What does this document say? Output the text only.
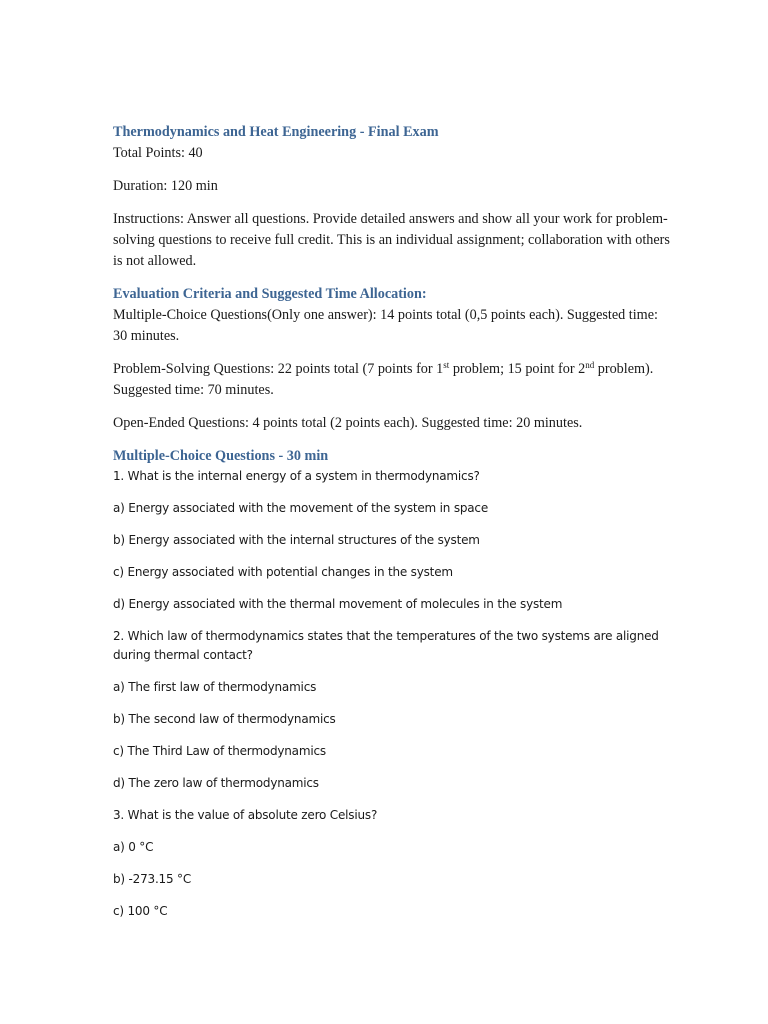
Thermodynamics and Heat Engineering - Final Exam

Total Points: 40

Duration: 120 min

Instructions: Answer all questions. Provide detailed answers and show all your work for problem-solving questions to receive full credit. This is an individual assignment; collaboration with others is not allowed.

Evaluation Criteria and Suggested Time Allocation:

Multiple-Choice Questions(Only one answer): 14 points total (0,5 points each). Suggested time: 30 minutes.

Problem-Solving Questions: 22 points total (7 points for 1st problem; 15 point for 2nd problem). Suggested time: 70 minutes.

Open-Ended Questions: 4 points total (2 points each). Suggested time: 20 minutes.

Multiple-Choice Questions - 30 min

1. What is the internal energy of a system in thermodynamics?

a) Energy associated with the movement of the system in space

b) Energy associated with the internal structures of the system

c) Energy associated with potential changes in the system

d) Energy associated with the thermal movement of molecules in the system

2. Which law of thermodynamics states that the temperatures of the two systems are aligned during thermal contact?

a) The first law of thermodynamics

b) The second law of thermodynamics

c) The Third Law of thermodynamics

d) The zero law of thermodynamics

3. What is the value of absolute zero Celsius?

a) 0 °C

b) -273.15 °C

c) 100 °C
